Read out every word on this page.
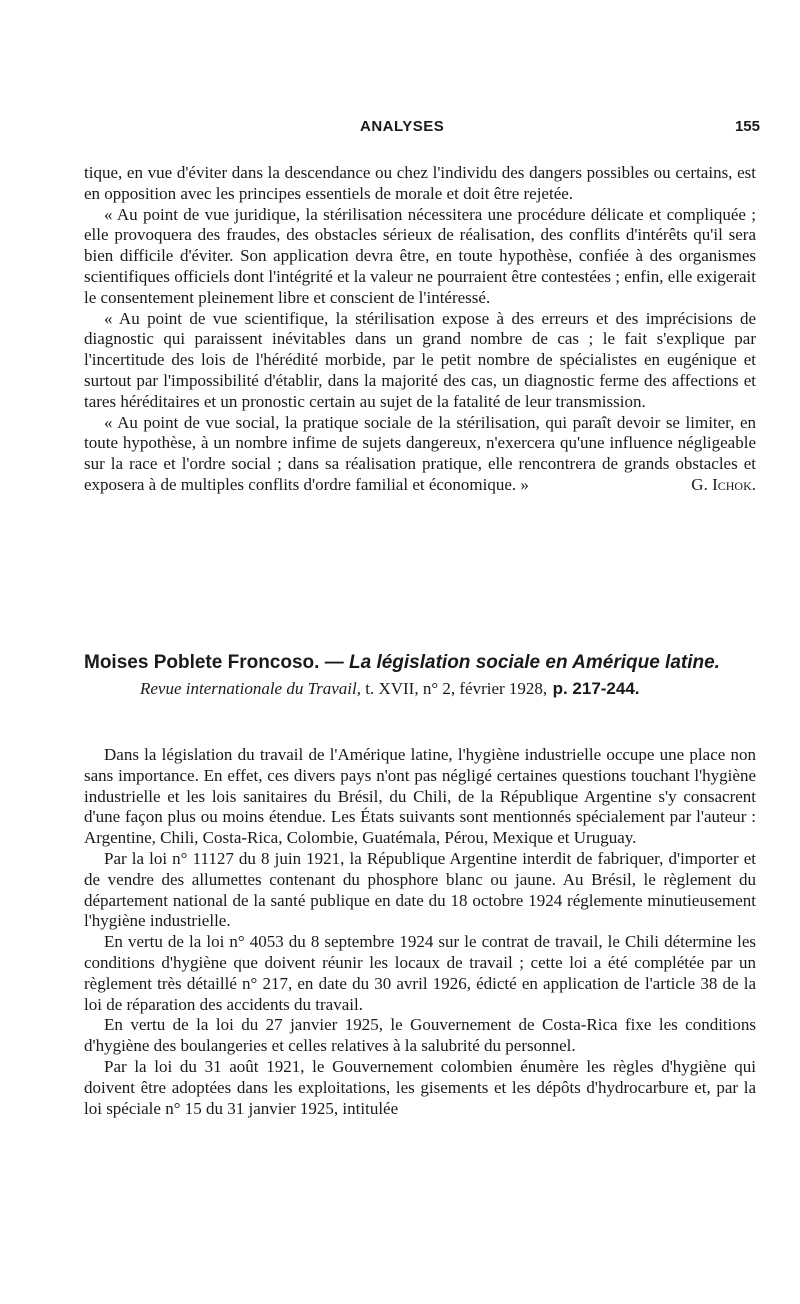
ANALYSES	155

tique, en vue d'éviter dans la descendance ou chez l'individu des dangers possibles ou certains, est en opposition avec les principes essentiels de morale et doit être rejetée.

« Au point de vue juridique, la stérilisation nécessitera une procédure délicate et compliquée ; elle provoquera des fraudes, des obstacles sérieux de réalisation, des conflits d'intérêts qu'il sera bien difficile d'éviter. Son application devra être, en toute hypothèse, confiée à des organismes scientifiques officiels dont l'intégrité et la valeur ne pourraient être contestées ; enfin, elle exigerait le consentement pleinement libre et conscient de l'intéressé.

« Au point de vue scientifique, la stérilisation expose à des erreurs et des imprécisions de diagnostic qui paraissent inévitables dans un grand nombre de cas ; le fait s'explique par l'incertitude des lois de l'hérédité morbide, par le petit nombre de spécialistes en eugénique et surtout par l'impossibilité d'établir, dans la majorité des cas, un diagnostic ferme des affections et tares héréditaires et un pronostic certain au sujet de la fatalité de leur transmission.

« Au point de vue social, la pratique sociale de la stérilisation, qui paraît devoir se limiter, en toute hypothèse, à un nombre infime de sujets dangereux, n'exercera qu'une influence négligeable sur la race et l'ordre social ; dans sa réalisation pratique, elle rencontrera de grands obstacles et exposera à de multiples conflits d'ordre familial et économique. »	G. Ichok.

Moises Poblete Froncoso. — La législation sociale en Amérique latine.
Revue internationale du Travail, t. XVII, n° 2, février 1928, p. 217-244.

Dans la législation du travail de l'Amérique latine, l'hygiène industrielle occupe une place non sans importance. En effet, ces divers pays n'ont pas négligé certaines questions touchant l'hygiène industrielle et les lois sanitaires du Brésil, du Chili, de la République Argentine s'y consacrent d'une façon plus ou moins étendue. Les États suivants sont mentionnés spécialement par l'auteur : Argentine, Chili, Costa-Rica, Colombie, Guatémala, Pérou, Mexique et Uruguay.

Par la loi n° 11127 du 8 juin 1921, la République Argentine interdit de fabriquer, d'importer et de vendre des allumettes contenant du phosphore blanc ou jaune. Au Brésil, le règlement du département national de la santé publique en date du 18 octobre 1924 réglemente minutieusement l'hygiène industrielle.

En vertu de la loi n° 4053 du 8 septembre 1924 sur le contrat de travail, le Chili détermine les conditions d'hygiène que doivent réunir les locaux de travail ; cette loi a été complétée par un règlement très détaillé n° 217, en date du 30 avril 1926, édicté en application de l'article 38 de la loi de réparation des accidents du travail.

En vertu de la loi du 27 janvier 1925, le Gouvernement de Costa-Rica fixe les conditions d'hygiène des boulangeries et celles relatives à la salubrité du personnel.

Par la loi du 31 août 1921, le Gouvernement colombien énumère les règles d'hygiène qui doivent être adoptées dans les exploitations, les gisements et les dépôts d'hydrocarbure et, par la loi spéciale n° 15 du 31 janvier 1925, intitulée
